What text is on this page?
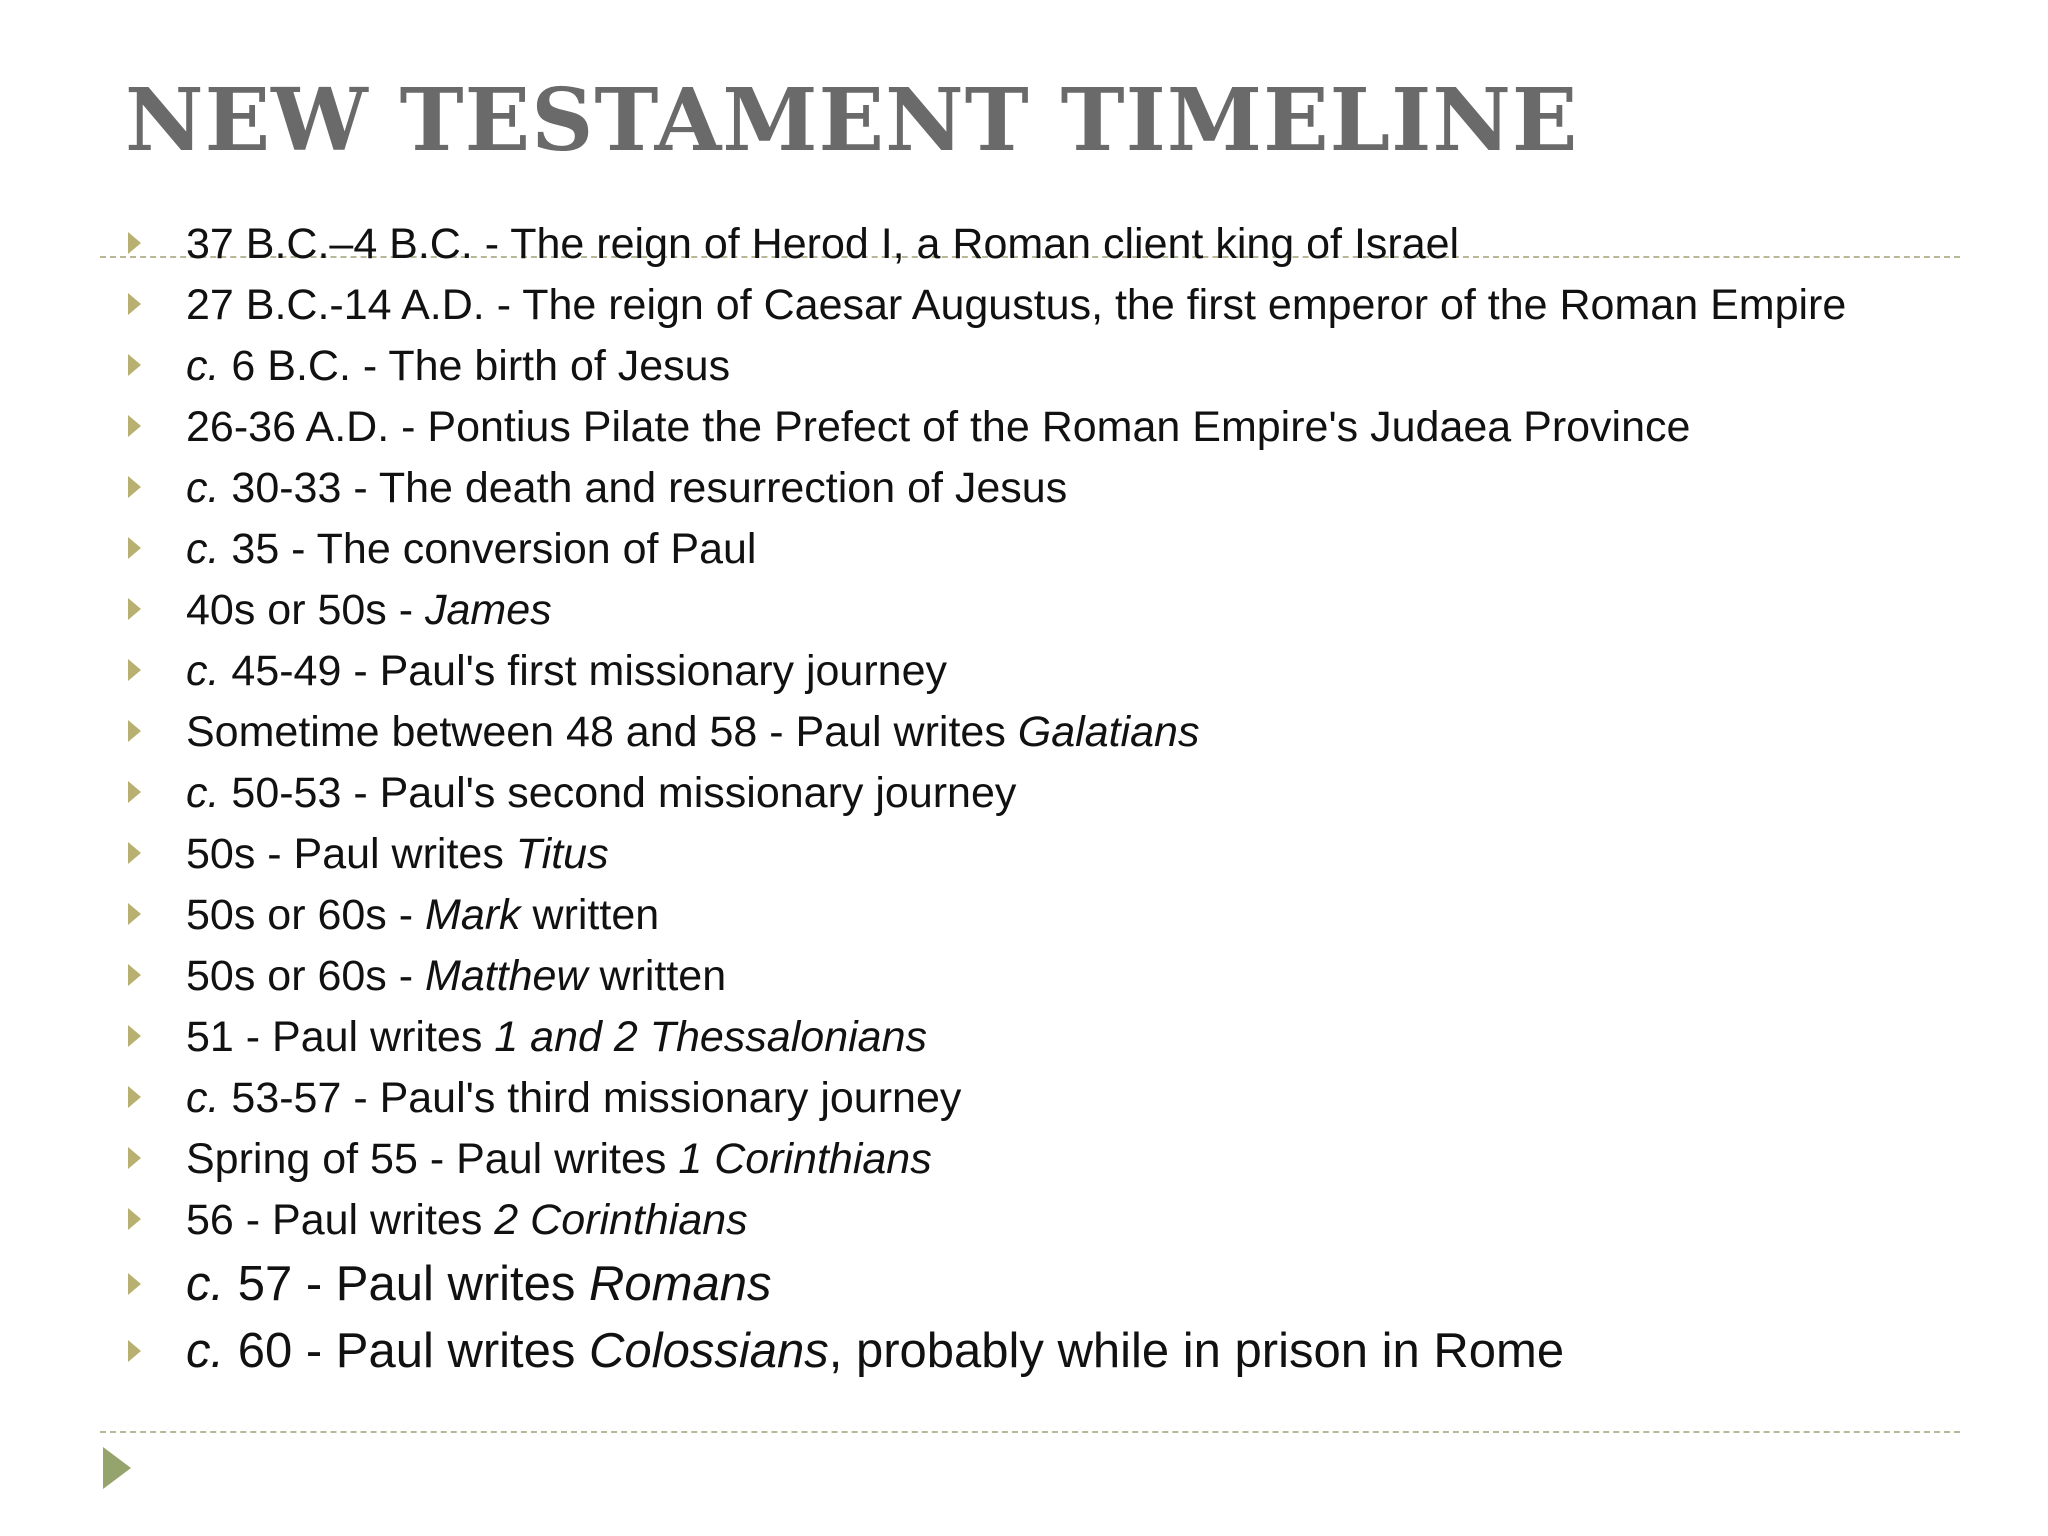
NEW TESTAMENT TIMELINE
37 B.C.–4 B.C. - The reign of Herod I, a Roman client king of Israel
27 B.C.-14 A.D. - The reign of Caesar Augustus, the first emperor of the Roman Empire
c. 6 B.C. - The birth of Jesus
26-36 A.D. - Pontius Pilate the Prefect of the Roman Empire's Judaea Province
c. 30-33 - The death and resurrection of Jesus
c. 35 - The conversion of Paul
40s or 50s - James
c. 45-49 - Paul's first missionary journey
Sometime between 48 and 58 - Paul writes Galatians
c. 50-53 - Paul's second missionary journey
50s - Paul writes Titus
50s or 60s - Mark written
50s or 60s - Matthew written
51 - Paul writes 1 and 2 Thessalonians
c. 53-57 - Paul's third missionary journey
Spring of 55 - Paul writes 1 Corinthians
56 - Paul writes 2 Corinthians
c. 57 - Paul writes Romans
c. 60 - Paul writes Colossians, probably while in prison in Rome
